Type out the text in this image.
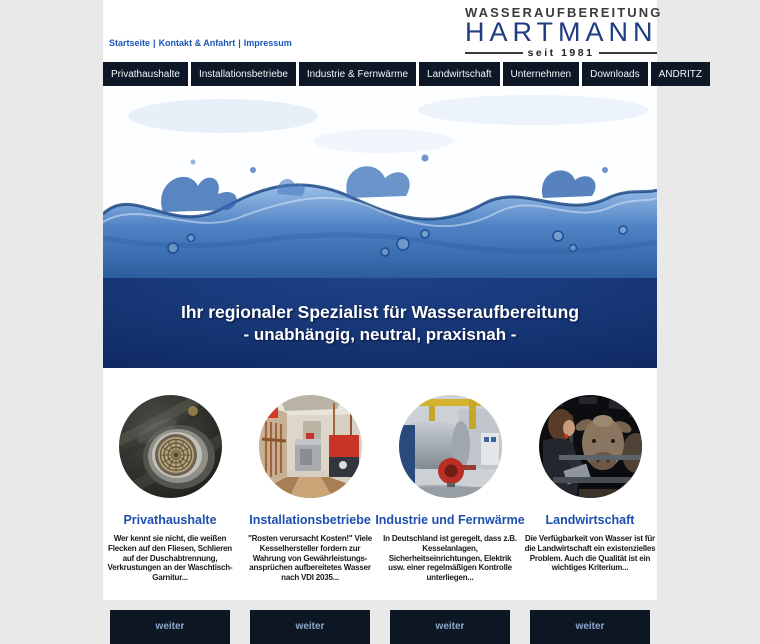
Startseite | Kontakt & Anfahrt | Impressum
WASSERAUFBEREITUNG
HARTMANN
seit 1981
Privathaushalte	Installationsbetriebe	Industrie & Fernwärme	Landwirtschaft	Unternehmen	Downloads	ANDRITZ
Ihr regionaler Spezialist für Wasseraufbereitung
- unabhängig, neutral, praxisnah -
Privathaushalte
Wer kennt sie nicht, die weißen Flecken auf den Fliesen, Schlieren auf der Duschabtrennung, Verkrustungen an der Waschtisch-Garnitur...
weiter
Installationsbetriebe
"Rosten verursacht Kosten!" Viele Kesselhersteller fordern zur Wahrung von Gewährleistungs-ansprüchen aufbereitetes Wasser nach VDI 2035...
weiter
Industrie und Fernwärme
In Deutschland ist geregelt, dass z.B. Kesselanlagen, Sicherheitseinrichtungen, Elektrik usw. einer regelmäßigen Kontrolle unterliegen...
weiter
Landwirtschaft
Die Verfügbarkeit von Wasser ist für die Landwirtschaft ein existenzielles Problem. Auch die Qualität ist ein wichtiges Kriterium...
weiter
